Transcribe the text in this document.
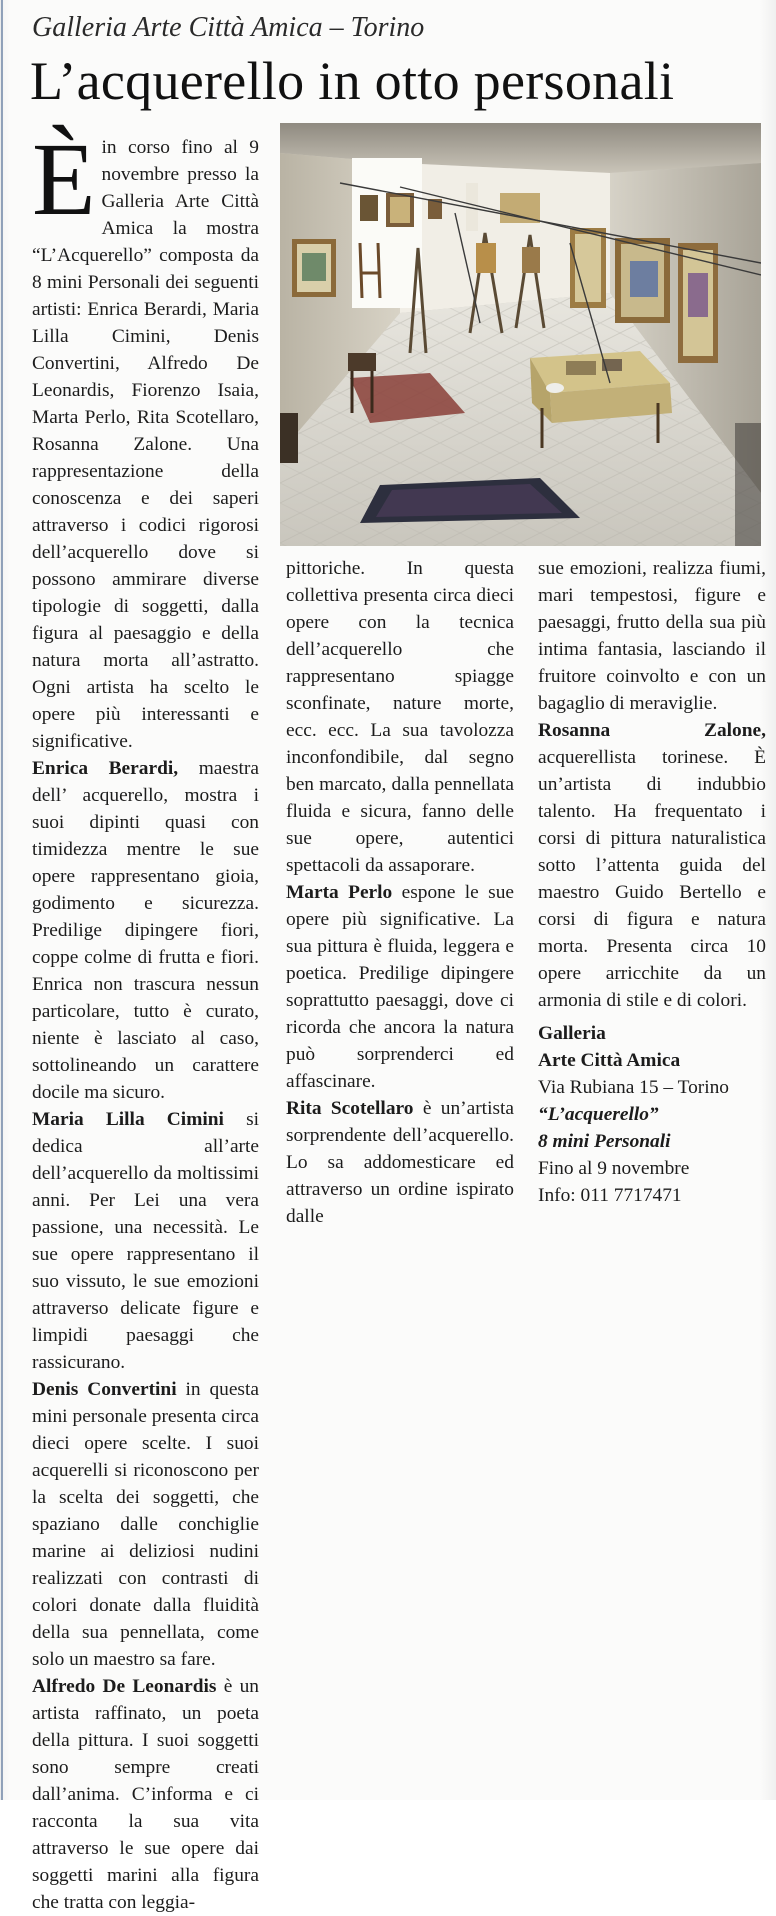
Galleria Arte Città Amica – Torino
L’acquerello in otto personali
È in corso fino al 9 novembre presso la Galleria Arte Città Amica la mostra “L’Acquerello” composta da 8 mini Personali dei seguenti artisti: Enrica Berardi, Maria Lilla Cimini, Denis Convertini, Alfredo De Leonardis, Fiorenzo Isaia, Marta Perlo, Rita Scotellaro, Rosanna Zalone. Una rappresentazione della conoscenza e dei saperi attraverso i codici rigorosi dell’acquerello dove si possono ammirare diverse tipologie di soggetti, dalla figura al paesaggio e della natura morta all’astratto. Ogni artista ha scelto le opere più interessanti e significative.

Enrica Berardi, maestra dell’ acquerello, mostra i suoi dipinti quasi con timidezza mentre le sue opere rappresentano gioia, godimento e sicurezza. Predilige dipingere fiori, coppe colme di frutta e fiori. Enrica non trascura nessun particolare, tutto è curato, niente è lasciato al caso, sottolineando un carattere docile ma sicuro.

Maria Lilla Cimini si dedica all’arte dell’acquerello da moltissimi anni. Per Lei una vera passione, una necessità. Le sue opere rappresentano il suo vissuto, le sue emozioni attraverso delicate figure e limpidi paesaggi che rassicurano.

Denis Convertini in questa mini personale presenta circa dieci opere scelte. I suoi acquerelli si riconoscono per la scelta dei soggetti, che spaziano dalle conchiglie marine ai deliziosi nudini realizzati con contrasti di colori donate dalla fluidità della sua pennellata, come solo un maestro sa fare.

Alfredo De Leonardis è un artista raffinato, un poeta della pittura. I suoi soggetti sono sempre creati dall’anima. C’informa e ci racconta la sua vita attraverso le sue opere dai soggetti marini alla figura che tratta con leggia-

pittoriche. In questa collettiva presenta circa dieci opere con la tecnica dell’acquerello che rappresentano spiagge sconfinate, nature morte, ecc. ecc. La sua tavolozza inconfondibile, dal segno ben marcato, dalla pennellata fluida e sicura, fanno delle sue opere, autentici spettacoli da assaporare.

Marta Perlo espone le sue opere più significative. La sua pittura è fluida, leggera e poetica. Predilige dipingere soprattutto paesaggi, dove ci ricorda che ancora la natura può sorprenderci ed affascinare.

Rita Scotellaro è un’artista sorprendente dell’acquerello. Lo sa addomesticare ed attraverso un ordine ispirato dalle

sue emozioni, realizza fiumi, mari tempestosi, figure e paesaggi, frutto della sua più intima fantasia, lasciando il fruitore coinvolto e con un bagaglio di meraviglie.

Rosanna Zalone, acquerellista torinese. È un’artista di indubbio talento. Ha frequentato i corsi di pittura naturalistica sotto l’attenta guida del maestro Guido Bertello e corsi di figura e natura morta. Presenta circa 10 opere arricchite da un armonia di stile e di colori.

Galleria
Arte Città Amica
Via Rubiana 15 – Torino
“L’acquerello”
8 mini Personali
Fino al 9 novembre
Info: 011 7717471
